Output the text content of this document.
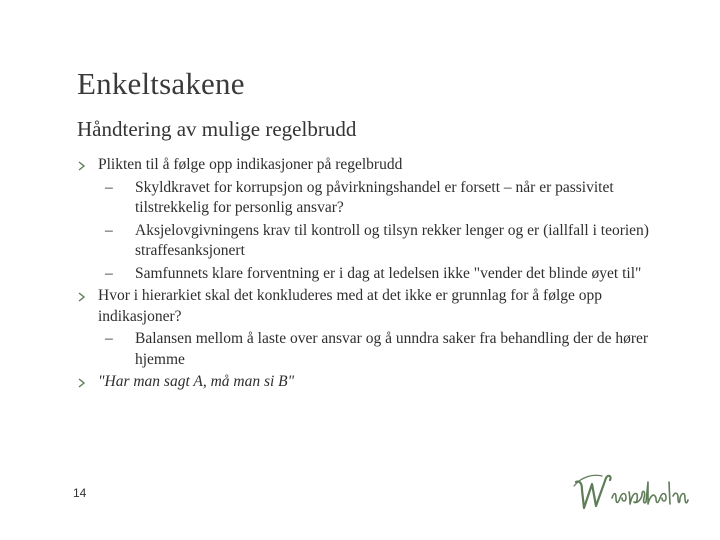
Enkeltsakene
Håndtering av mulige regelbrudd
Plikten til å følge opp indikasjoner på regelbrudd
– Skyldkravet for korrupsjon og påvirkningshandel er forsett – når er passivitet tilstrekkelig for personlig ansvar?
– Aksjelovgivningens krav til kontroll og tilsyn rekker lenger og er (iallfall i teorien) straffesanksjonert
– Samfunnets klare forventning er i dag at ledelsen ikke "vender det blinde øyet til"
Hvor i hierarkiet skal det konkluderes med at det ikke er grunnlag for å følge opp indikasjoner?
– Balansen mellom å laste over ansvar og å unndra saker fra behandling der de hører hjemme
"Har man sagt A, må man si B"
14
